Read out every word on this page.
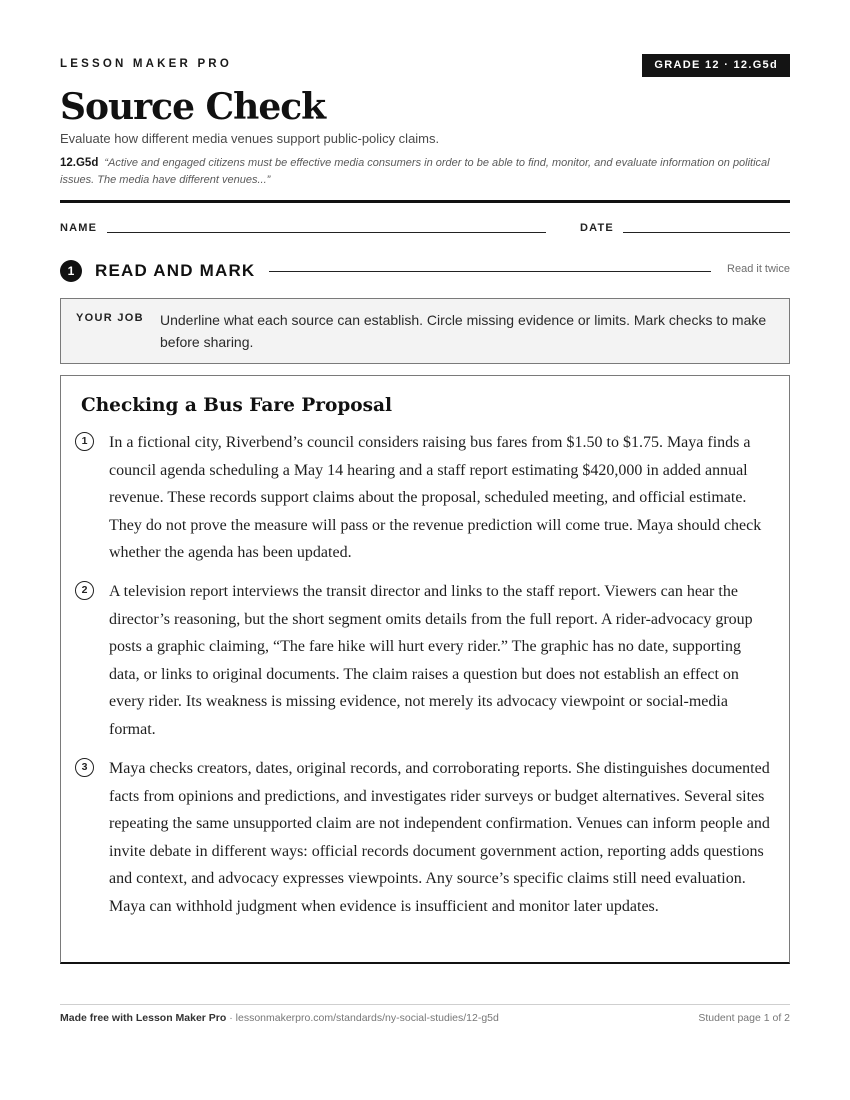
LESSON MAKER PRO	GRADE 12 · 12.G5d
Source Check
Evaluate how different media venues support public-policy claims.
12.G5d “Active and engaged citizens must be effective media consumers in order to be able to find, monitor, and evaluate information on political issues. The media have different venues...”
NAME	DATE
1	READ AND MARK	Read it twice
YOUR JOB Underline what each source can establish. Circle missing evidence or limits. Mark checks to make before sharing.
Checking a Bus Fare Proposal
1	In a fictional city, Riverbend’s council considers raising bus fares from $1.50 to $1.75. Maya finds a council agenda scheduling a May 14 hearing and a staff report estimating $420,000 in added annual revenue. These records support claims about the proposal, scheduled meeting, and official estimate. They do not prove the measure will pass or the revenue prediction will come true. Maya should check whether the agenda has been updated.

2	A television report interviews the transit director and links to the staff report. Viewers can hear the director’s reasoning, but the short segment omits details from the full report. A rider-advocacy group posts a graphic claiming, “The fare hike will hurt every rider.” The graphic has no date, supporting data, or links to original documents. The claim raises a question but does not establish an effect on every rider. Its weakness is missing evidence, not merely its advocacy viewpoint or social-media format.

3	Maya checks creators, dates, original records, and corroborating reports. She distinguishes documented facts from opinions and predictions, and investigates rider surveys or budget alternatives. Several sites repeating the same unsupported claim are not independent confirmation. Venues can inform people and invite debate in different ways: official records document government action, reporting adds questions and context, and advocacy expresses viewpoints. Any source’s specific claims still need evaluation. Maya can withhold judgment when evidence is insufficient and monitor later updates.

Made free with Lesson Maker Pro · lessonmakerpro.com/standards/ny-social-studies/12-g5d	Student page 1 of 2
